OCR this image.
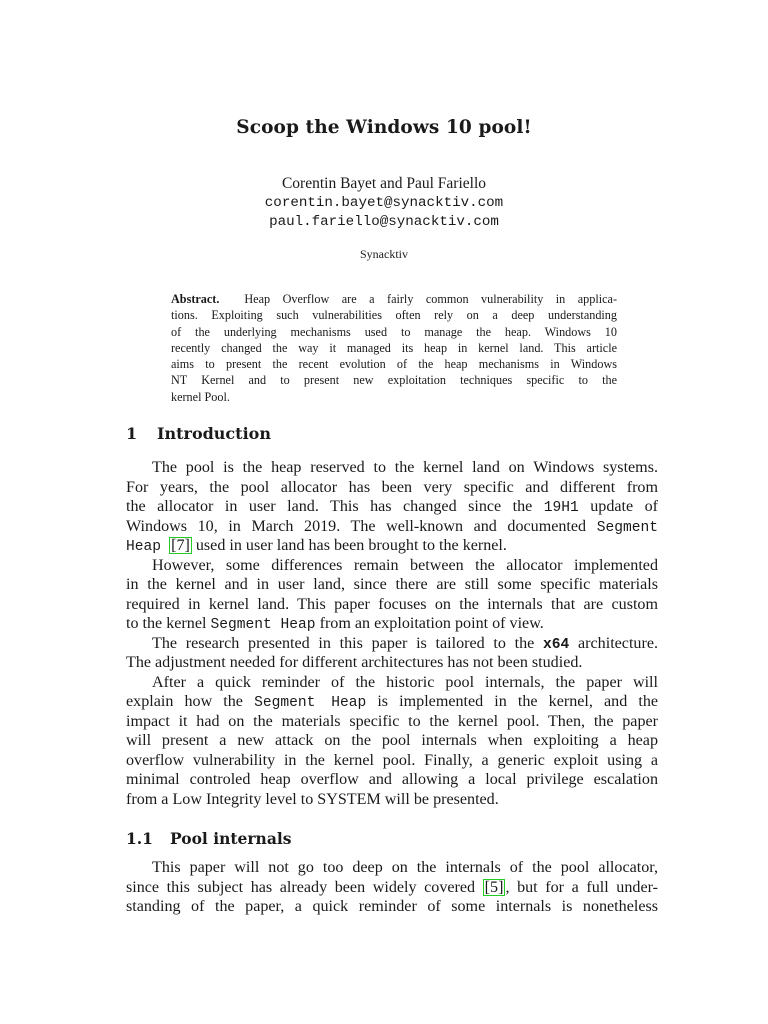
Scoop the Windows 10 pool!
Corentin Bayet and Paul Fariello
corentin.bayet@synacktiv.com
paul.fariello@synacktiv.com
Synacktiv
Abstract. Heap Overflow are a fairly common vulnerability in applica-
tions. Exploiting such vulnerabilities often rely on a deep understanding
of the underlying mechanisms used to manage the heap. Windows 10
recently changed the way it managed its heap in kernel land. This article
aims to present the recent evolution of the heap mechanisms in Windows
NT Kernel and to present new exploitation techniques specific to the
kernel Pool.
1 Introduction
The pool is the heap reserved to the kernel land on Windows systems.
For years, the pool allocator has been very specific and different from
the allocator in user land. This has changed since the 19H1 update of
Windows 10, in March 2019. The well-known and documented Segment
Heap [7] used in user land has been brought to the kernel.
However, some differences remain between the allocator implemented
in the kernel and in user land, since there are still some specific materials
required in kernel land. This paper focuses on the internals that are custom
to the kernel Segment Heap from an exploitation point of view.
The research presented in this paper is tailored to the x64 architecture.
The adjustment needed for different architectures has not been studied.
After a quick reminder of the historic pool internals, the paper will
explain how the Segment Heap is implemented in the kernel, and the
impact it had on the materials specific to the kernel pool. Then, the paper
will present a new attack on the pool internals when exploiting a heap
overflow vulnerability in the kernel pool. Finally, a generic exploit using a
minimal controled heap overflow and allowing a local privilege escalation
from a Low Integrity level to SYSTEM will be presented.
1.1 Pool internals
This paper will not go too deep on the internals of the pool allocator,
since this subject has already been widely covered [5] , but for a full under-
standing of the paper, a quick reminder of some internals is nonetheless
